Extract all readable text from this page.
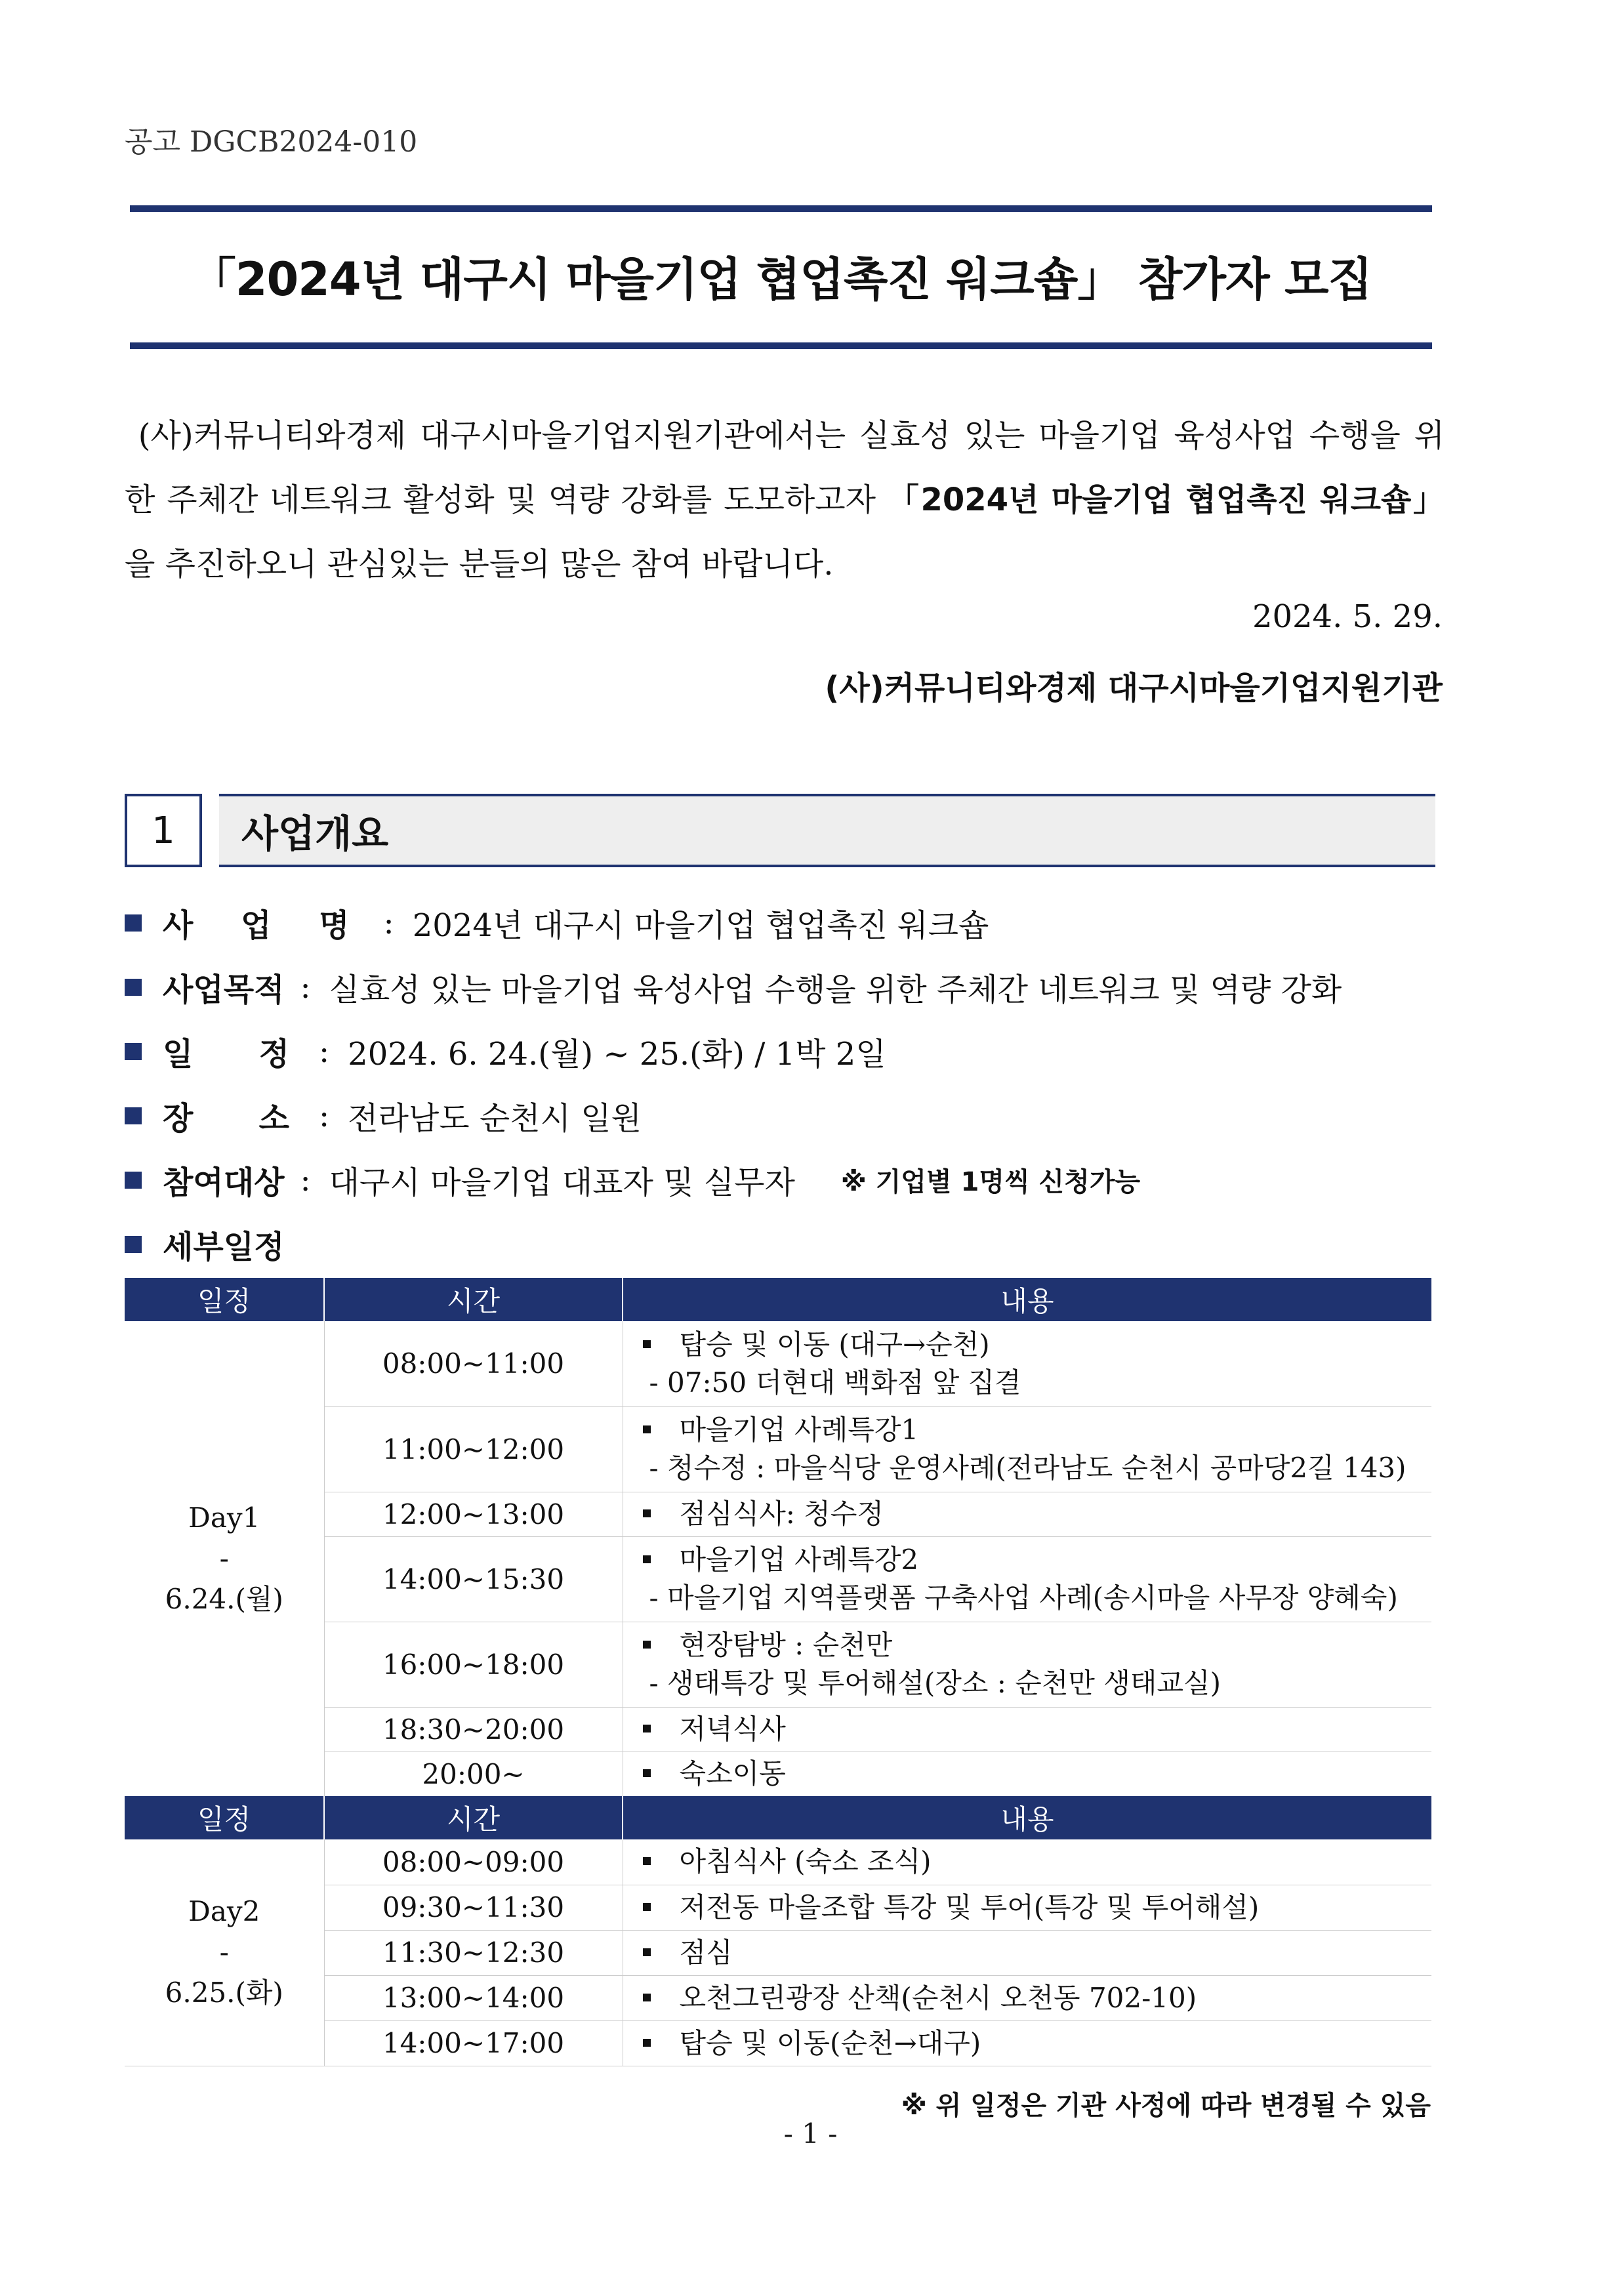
공고 DGCB2024-010
「2024년 대구시 마을기업 협업촉진 워크숍」 참가자 모집
(사)커뮤니티와경제 대구시마을기업지원기관에서는 실효성 있는 마을기업 육성사업 수행을 위한 주체간 네트워크 활성화 및 역량 강화를 도모하고자 「2024년 마을기업 협업촉진 워크숍」을 추진하오니 관심있는 분들의 많은 참여 바랍니다.
2024. 5. 29.
(사)커뮤니티와경제 대구시마을기업지원기관
1	사업개요
사 업 명 : 2024년 대구시 마을기업 협업촉진 워크숍
사업목적 : 실효성 있는 마을기업 육성사업 수행을 위한 주체간 네트워크 및 역량 강화
일      정 : 2024. 6. 24.(월) ~ 25.(화) / 1박 2일
장      소 : 전라남도 순천시 일원
참여대상 : 대구시 마을기업 대표자 및 실무자 ※ 기업별 1명씩 신청가능
세부일정
일정	시간	내용

Day1
-
6.24.(월)	08:00~11:00	탑승 및 이동 (대구→순천)
- 07:50 더현대 백화점 앞 집결

	11:00~12:00	마을기업 사례특강1
- 청수정 : 마을식당 운영사례(전라남도 순천시 공마당2길 143)

	12:00~13:00	점심식사: 청수정
	14:00~15:30	마을기업 사례특강2
- 마을기업 지역플랫폼 구축사업 사례(송시마을 사무장 양혜숙)

	16:00~18:00	현장탐방 : 순천만
- 생태특강 및 투어해설(장소 : 순천만 생태교실)

	18:30~20:00	저녁식사
	20:00~	숙소이동
일정	시간	내용

Day2
-
6.25.(화)	08:00~09:00	아침식사 (숙소 조식)
	09:30~11:30	저전동 마을조합 특강 및 투어(특강 및 투어해설)
	11:30~12:30	점심
	13:00~14:00	오천그린광장 산책(순천시 오천동 702-10)
	14:00~17:00	탑승 및 이동(순천→대구)
※ 위 일정은 기관 사정에 따라 변경될 수 있음
- 1 -
